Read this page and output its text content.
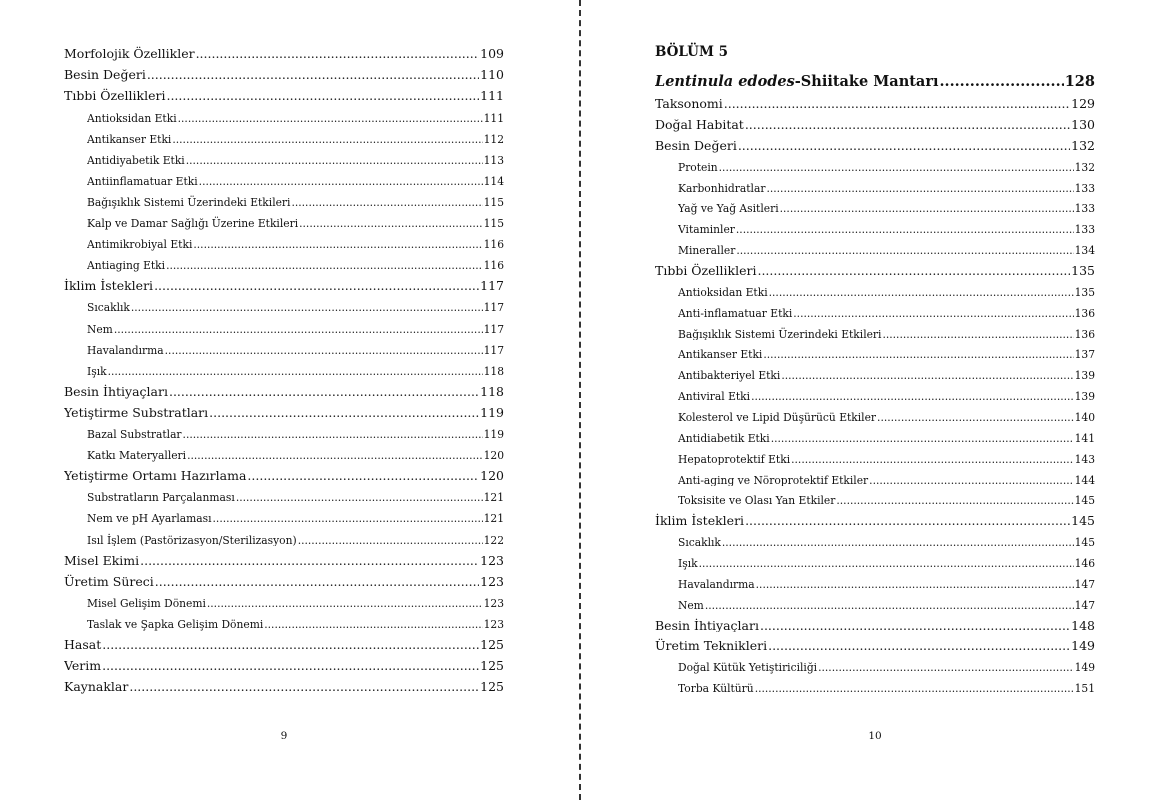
Morfolojik Özellikler .....	109
Besin Değeri .....	110
Tıbbi Özellikleri .....	111
Antioksidan Etki .....	111
Antikanser Etki .....	112
Antidiyabetik Etki .....	113
Antiinflamatuar Etki .....	114
Bağışıklık Sistemi Üzerindeki Etkileri .....	115
Kalp ve Damar Sağlığı Üzerine Etkileri .....	115
Antimikrobiyal Etki .....	116
Antiaging Etki .....	116
İklim İstekleri .....	117
Sıcaklık .....	117
Nem .....	117
Havalandırma .....	117
Işık .....	118
Besin İhtiyaçları .....	118
Yetiştirme Substratları .....	119
Bazal Substratlar .....	119
Katkı Materyalleri .....	120
Yetiştirme Ortamı Hazırlama .....	120
Substratların Parçalanması .....	121
Nem ve pH Ayarlaması .....	121
Isıl İşlem (Pastörizasyon/Sterilizasyon) .....	122
Misel Ekimi .....	123
Üretim Süreci .....	123
Misel Gelişim Dönemi .....	123
Taslak ve Şapka Gelişim Dönemi .....	123
Hasat .....	125
Verim .....	125
Kaynaklar .....	125
9
BÖLÜM 5
Lentinula edodes-Shiitake Mantarı .....	128
Taksonomi .....	129
Doğal Habitat .....	130
Besin Değeri .....	132
Protein .....	132
Karbonhidratlar .....	133
Yağ ve Yağ Asitleri .....	133
Vitaminler .....	133
Mineraller .....	134
Tıbbi Özellikleri .....	135
Antioksidan Etki .....	135
Anti-inflamatuar Etki .....	136
Bağışıklık Sistemi Üzerindeki Etkileri .....	136
Antikanser Etki .....	137
Antibakteriyel Etki .....	139
Antiviral Etki .....	139
Kolesterol ve Lipid Düşürücü Etkiler .....	140
Antidiabetik Etki .....	141
Hepatoprotektif Etki .....	143
Anti-aging ve Nöroprotektif Etkiler .....	144
Toksisite ve Olası Yan Etkiler .....	145
İklim İstekleri .....	145
Sıcaklık .....	145
Işık .....	146
Havalandırma .....	147
Nem .....	147
Besin İhtiyaçları .....	148
Üretim Teknikleri .....	149
Doğal Kütük Yetiştiriciliği .....	149
Torba Kültürü .....	151
10
